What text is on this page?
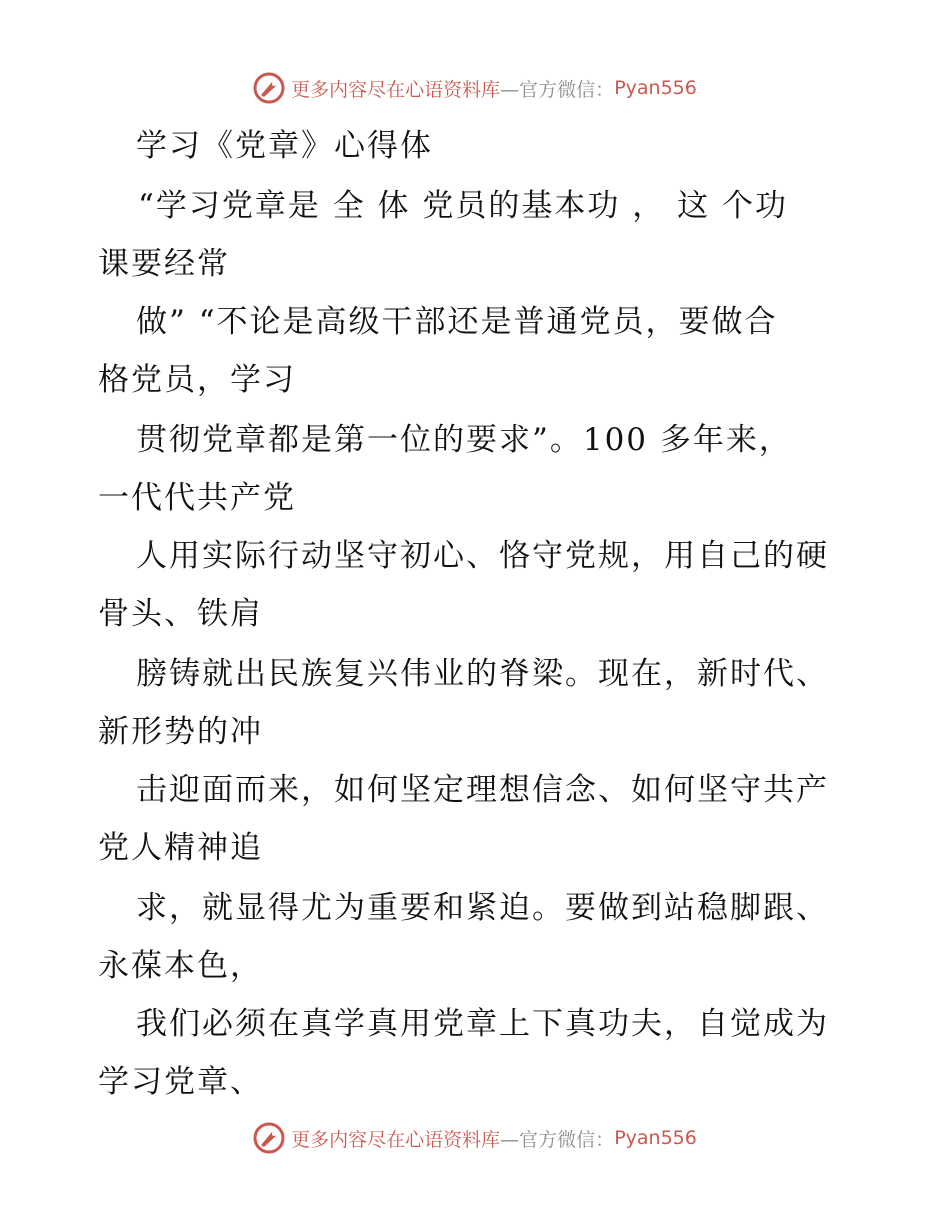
更多内容尽在心语资料库 —官方微信： Pyan556
学习《党章》心得体
“学习党章是 全 体 党员的基本功 ， 这 个功
课要经常
做” “不论是高级干部还是普通党员，要做合
格党员，学习
贯彻党章都是第一位的要求”。100 多年来，
一代代共产党
人用实际行动坚守初心、恪守党规，用自己的硬
骨头、铁肩
膀铸就出民族复兴伟业的脊梁。现在，新时代、
新形势的冲
击迎面而来，如何坚定理想信念、如何坚守共产
党人精神追
求，就显得尤为重要和紧迫。要做到站稳脚跟、
永葆本色，
我们必须在真学真用党章上下真功夫，自觉成为
学习党章、
更多内容尽在心语资料库 —官方微信： Pyan556
